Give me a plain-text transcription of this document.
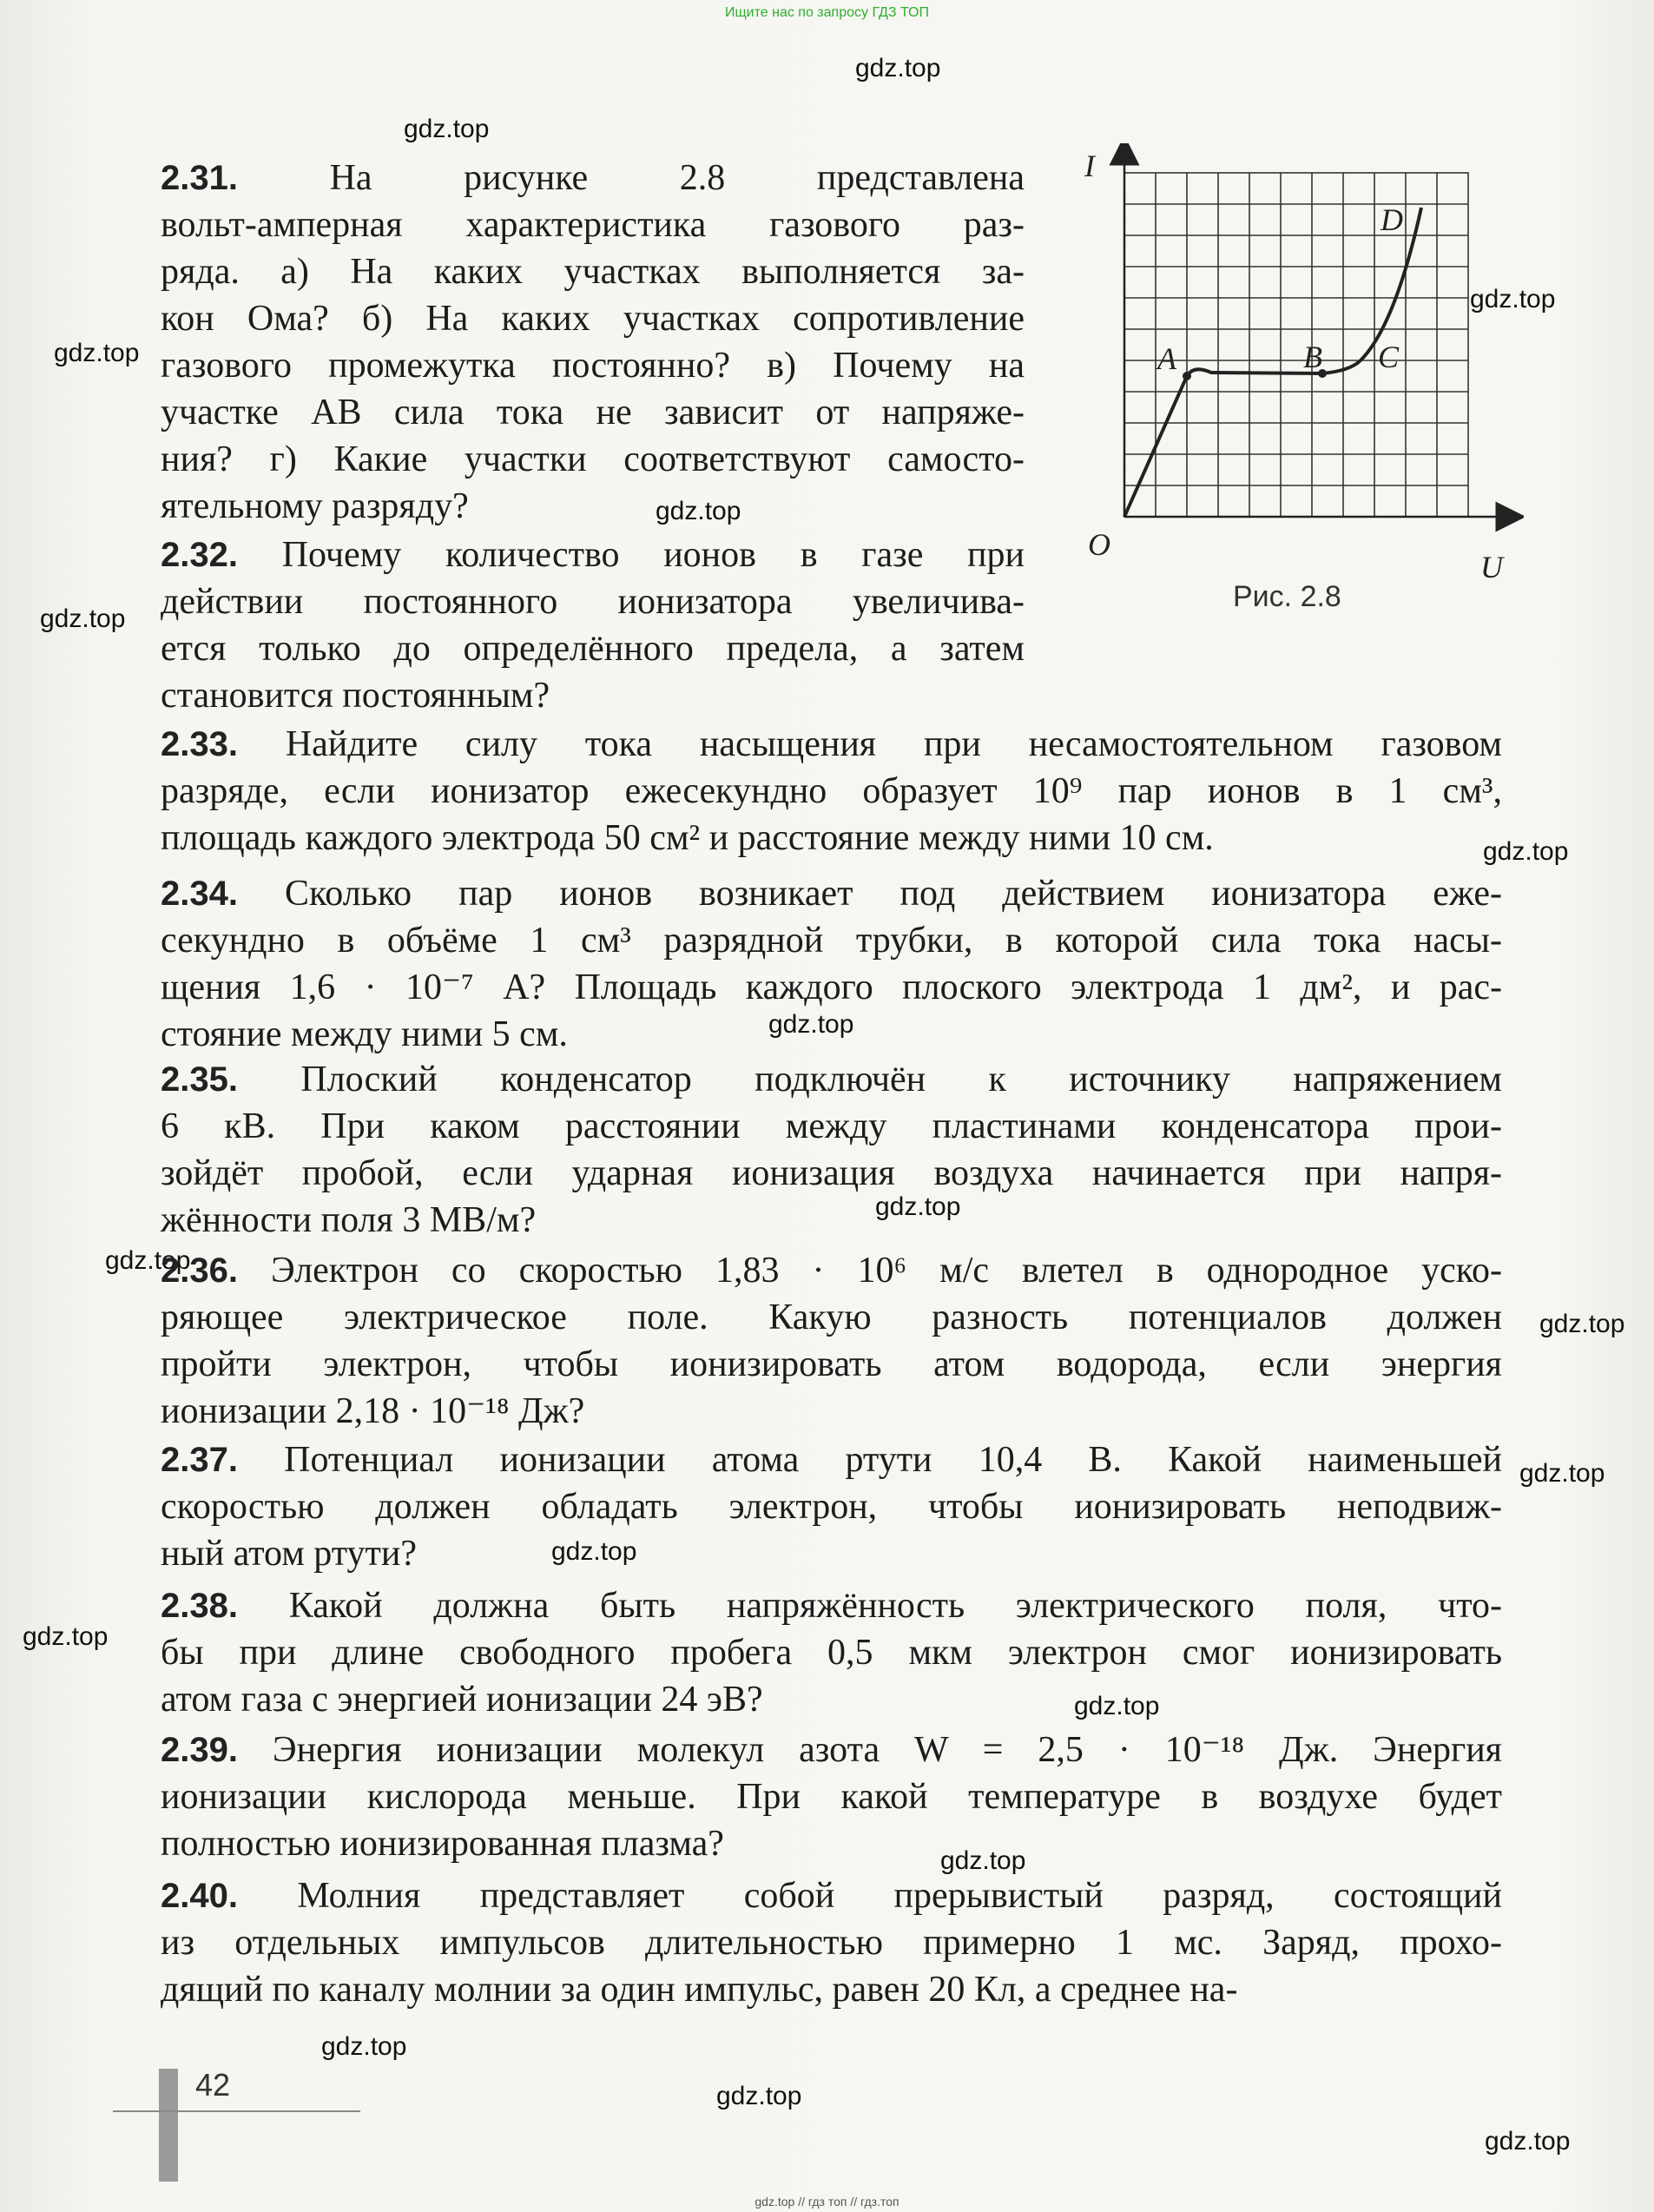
Ищите нас по запросу ГДЗ ТОП
gdz.top
gdz.top
gdz.top
gdz.top
gdz.top
gdz.top
gdz.top
gdz.top
gdz.top
gdz.top
gdz.top
gdz.top
gdz.top
gdz.top
gdz.top
gdz.top
gdz.top
gdz.top
gdz.top
I
U
O
A	B C
D
Рис. 2.8
2.31.	На рисунке 2.8 представлена
вольт-амперная характеристика газового раз-
ряда. а) На каких участках выполняется за-
кон Ома? б) На каких участках сопротивление
газового промежутка постоянно? в) Почему на
участке AB сила тока не зависит от напряже-
ния? г) Какие участки соответствуют самосто-
ятельному разряду?
2.32. Почему количество ионов в газе при
действии постоянного ионизатора увеличива-
ется только до определённого предела, а затем
становится постоянным?
2.33. Найдите силу тока насыщения при несамостоятельном газовом
разряде, если ионизатор ежесекундно образует 10⁹ пар ионов в 1 см³,
площадь каждого электрода 50 см² и расстояние между ними 10 см.
2.34. Сколько пар ионов возникает под действием ионизатора еже-
секундно в объёме 1 см³ разрядной трубки, в которой сила тока насы-
щения 1,6 · 10⁻⁷ А? Площадь каждого плоского электрода 1 дм², и рас-
стояние между ними 5 см.
2.35. Плоский конденсатор подключён к источнику напряжением
6 кВ. При каком расстоянии между пластинами конденсатора прои-
зойдёт пробой, если ударная ионизация воздуха начинается при напря-
жённости поля 3 МВ/м?
2.36. Электрон со скоростью 1,83 · 10⁶ м/с влетел в однородное уско-
ряющее электрическое поле. Какую разность потенциалов должен
пройти электрон, чтобы ионизировать атом водорода, если энергия
ионизации 2,18 · 10⁻¹⁸ Дж?
2.37. Потенциал ионизации атома ртути 10,4 В. Какой наименьшей
скоростью должен обладать электрон, чтобы ионизировать неподвиж-
ный атом ртути?
2.38. Какой должна быть напряжённость электрического поля, что-
бы при длине свободного пробега 0,5 мкм электрон смог ионизировать
атом газа с энергией ионизации 24 эВ?
2.39. Энергия ионизации молекул азота W = 2,5 · 10⁻¹⁸ Дж. Энергия
ионизации кислорода меньше. При какой температуре в воздухе будет
полностью ионизированная плазма?
2.40. Молния представляет собой прерывистый разряд, состоящий
из отдельных импульсов длительностью примерно 1 мс. Заряд, прохо-
дящий по каналу молнии за один импульс, равен 20 Кл, а среднее на-
42
gdz.top // гдз топ // гдз.топ
